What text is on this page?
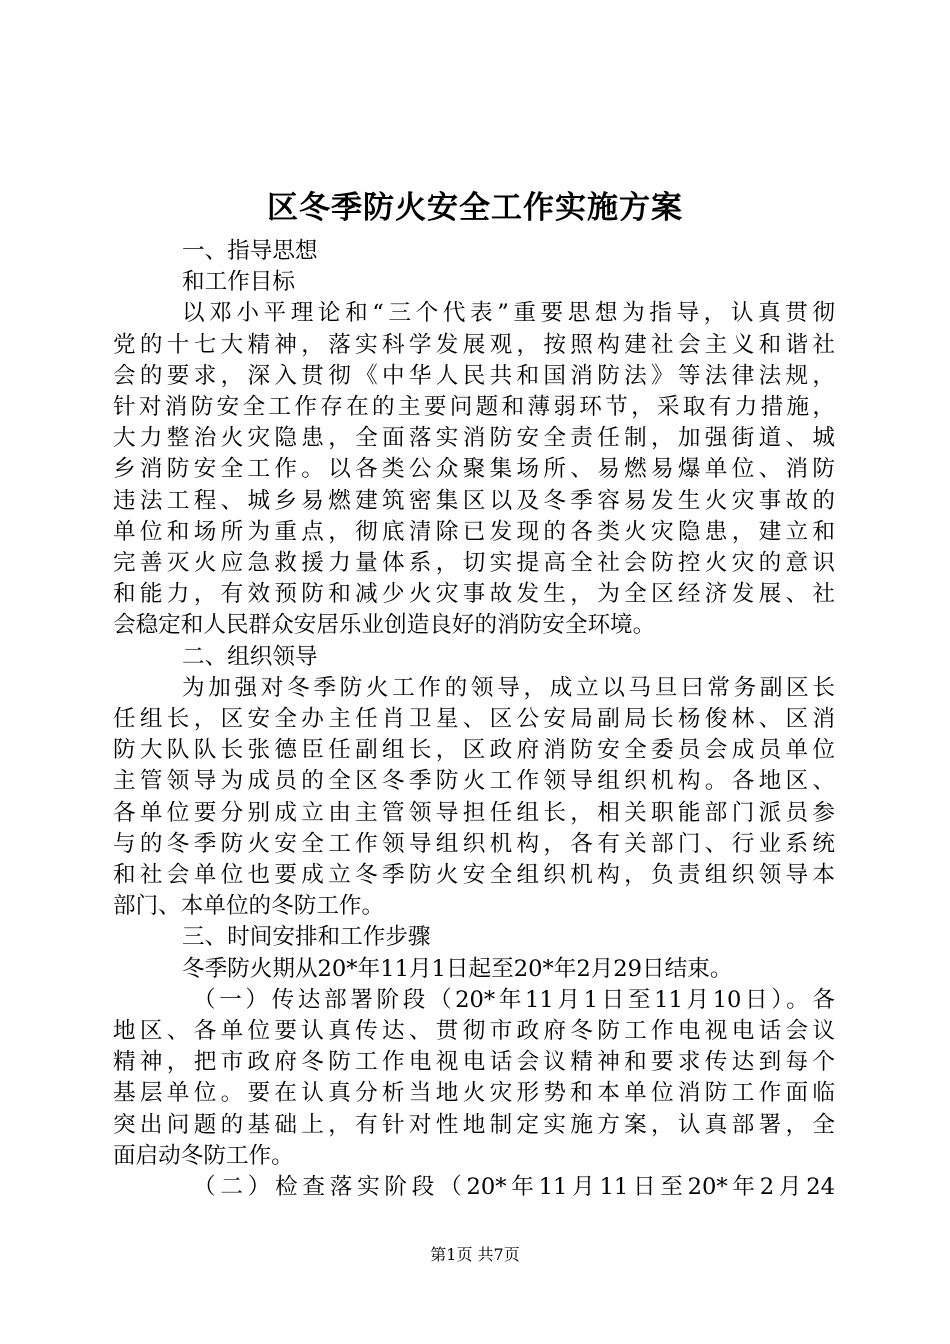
区冬季防火安全工作实施方案
一、指导思想
和工作目标
以邓小平理论和“三个代表”重要思想为指导，认真贯彻
党的十七大精神，落实科学发展观，按照构建社会主义和谐社
会的要求，深入贯彻《中华人民共和国消防法》等法律法规，
针对消防安全工作存在的主要问题和薄弱环节，采取有力措施，
大力整治火灾隐患，全面落实消防安全责任制，加强街道、城
乡消防安全工作。以各类公众聚集场所、易燃易爆单位、消防
违法工程、城乡易燃建筑密集区以及冬季容易发生火灾事故的
单位和场所为重点，彻底清除已发现的各类火灾隐患，建立和
完善灭火应急救援力量体系，切实提高全社会防控火灾的意识
和能力，有效预防和减少火灾事故发生，为全区经济发展、社
会稳定和人民群众安居乐业创造良好的消防安全环境。
二、组织领导
为加强对冬季防火工作的领导，成立以马旦曰常务副区长
任组长，区安全办主任肖卫星、区公安局副局长杨俊林、区消
防大队队长张德臣任副组长，区政府消防安全委员会成员单位
主管领导为成员的全区冬季防火工作领导组织机构。各地区、
各单位要分别成立由主管领导担任组长，相关职能部门派员参
与的冬季防火安全工作领导组织机构，各有关部门、行业系统
和社会单位也要成立冬季防火安全组织机构，负责组织领导本
部门、本单位的冬防工作。
三、时间安排和工作步骤
冬季防火期从20*年11月1日起至20*年2月29日结束。
（一）传达部署阶段（20*年11月1日至11月10日）。各
地区、各单位要认真传达、贯彻市政府冬防工作电视电话会议
精神，把市政府冬防工作电视电话会议精神和要求传达到每个
基层单位。要在认真分析当地火灾形势和本单位消防工作面临
突出问题的基础上，有针对性地制定实施方案，认真部署，全
面启动冬防工作。
（二）检查落实阶段（20*年11月11日至20*年2月24
第1页 共7页
